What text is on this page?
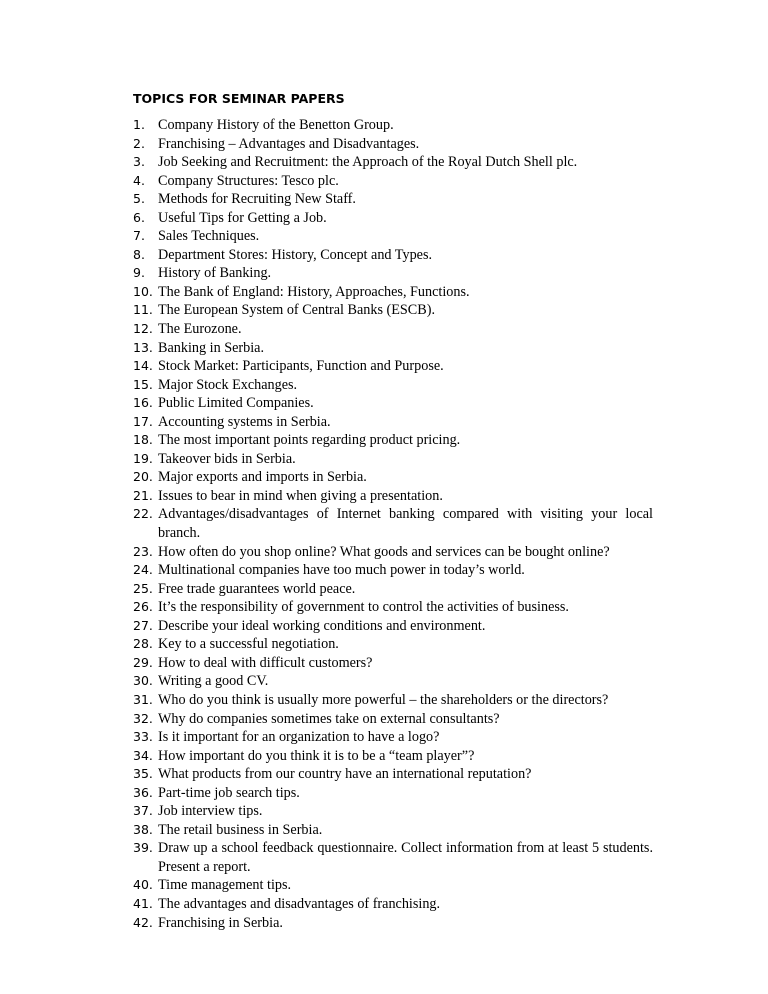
TOPICS FOR SEMINAR PAPERS
1. Company History of the Benetton Group.
2. Franchising – Advantages and Disadvantages.
3. Job Seeking and Recruitment: the Approach of the Royal Dutch Shell plc.
4. Company Structures: Tesco plc.
5. Methods for Recruiting New Staff.
6. Useful Tips for Getting a Job.
7. Sales Techniques.
8. Department Stores: History, Concept and Types.
9. History of Banking.
10. The Bank of England: History, Approaches, Functions.
11. The European System of Central Banks (ESCB).
12. The Eurozone.
13. Banking in Serbia.
14. Stock Market: Participants, Function and Purpose.
15. Major Stock Exchanges.
16. Public Limited Companies.
17. Accounting systems in Serbia.
18. The most important points regarding product pricing.
19. Takeover bids in Serbia.
20. Major exports and imports in Serbia.
21. Issues to bear in mind when giving a presentation.
22. Advantages/disadvantages of Internet banking compared with visiting your local branch.
23. How often do you shop online? What goods and services can be bought online?
24. Multinational companies have too much power in today’s world.
25. Free trade guarantees world peace.
26. It’s the responsibility of government to control the activities of business.
27. Describe your ideal working conditions and environment.
28. Key to a successful negotiation.
29. How to deal with difficult customers?
30. Writing a good CV.
31. Who do you think is usually more powerful – the shareholders or the directors?
32. Why do companies sometimes take on external consultants?
33. Is it important for an organization to have a logo?
34. How important do you think it is to be a “team player”?
35. What products from our country have an international reputation?
36. Part-time job search tips.
37. Job interview tips.
38. The retail business in Serbia.
39. Draw up a school feedback questionnaire. Collect information from at least 5 students. Present a report.
40. Time management tips.
41. The advantages and disadvantages of franchising.
42. Franchising in Serbia.
